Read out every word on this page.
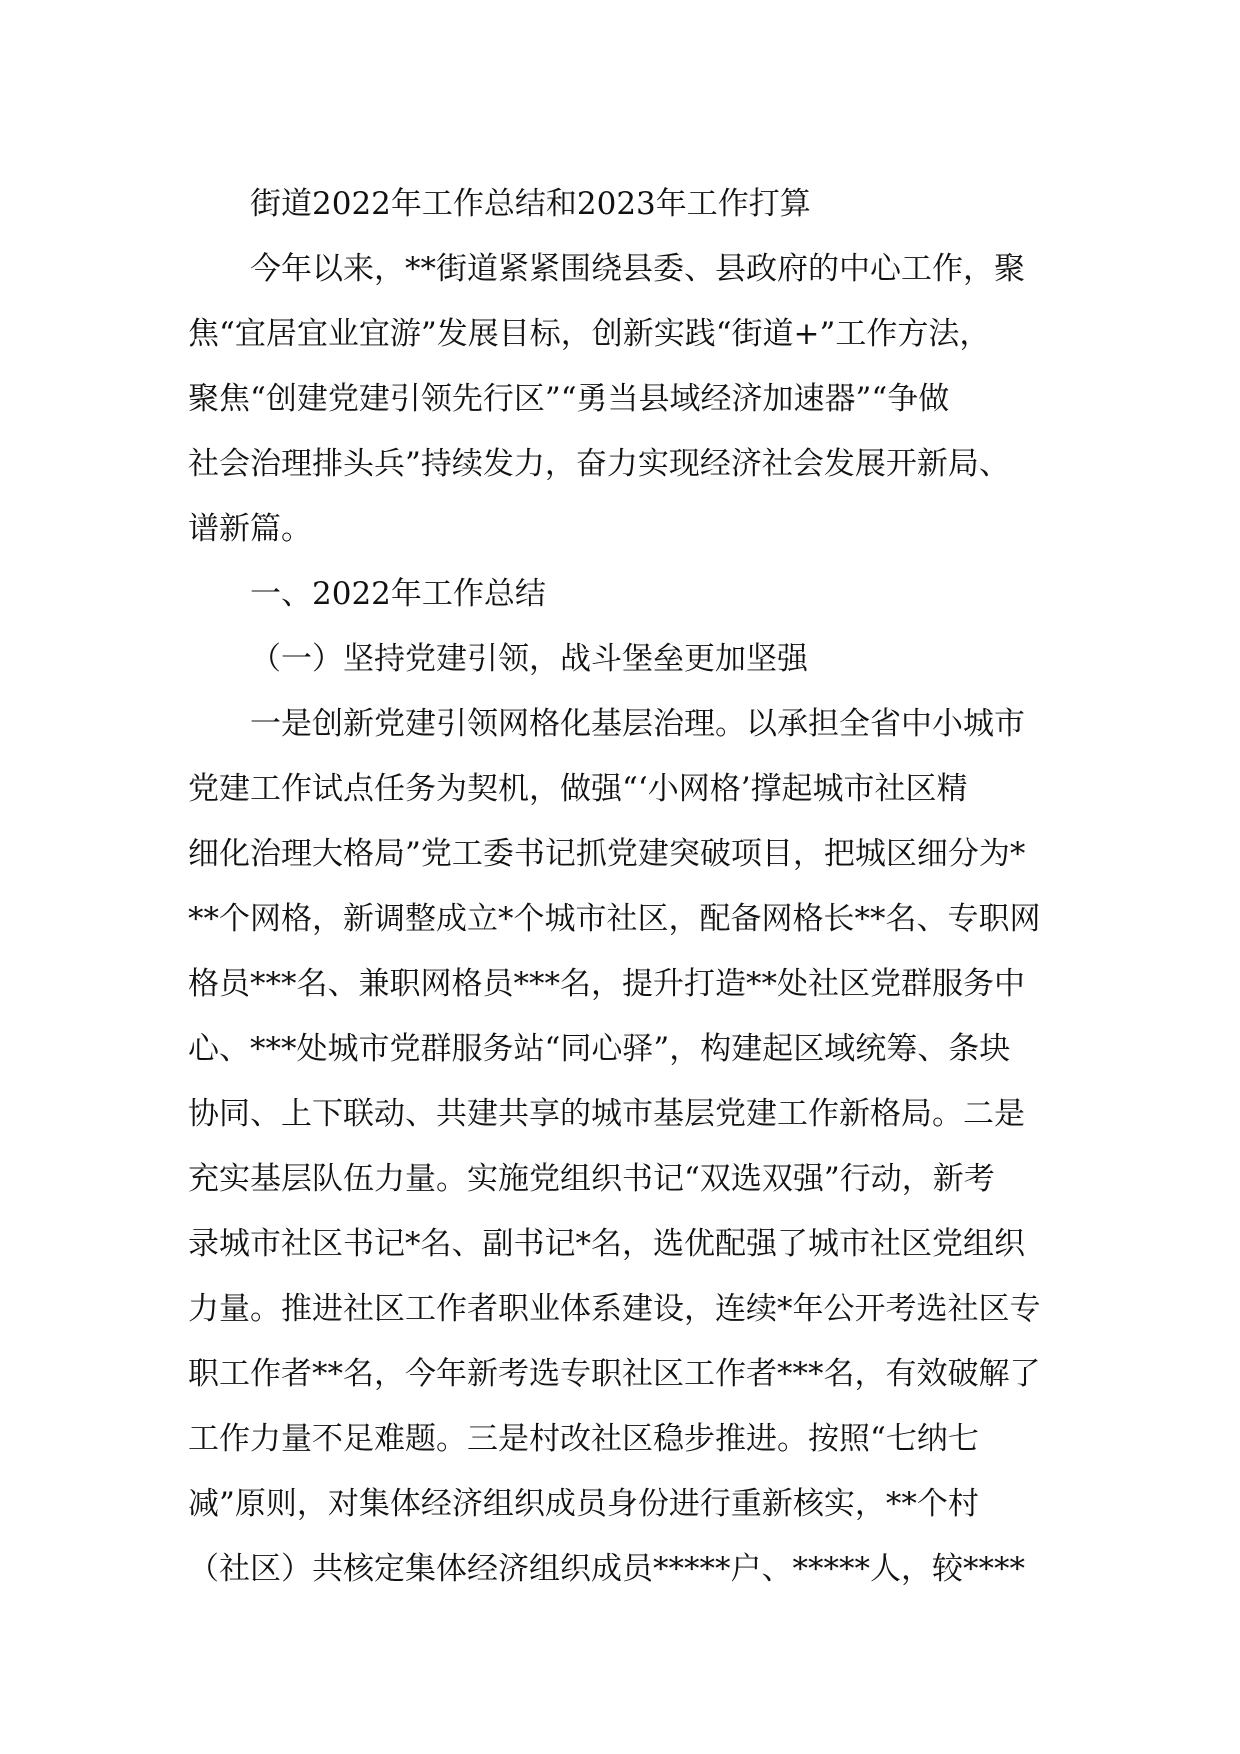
街道2022年工作总结和2023年工作打算
今年以来，**街道紧紧围绕县委、县政府的中心工作，聚
焦“宜居宜业宜游”发展目标，创新实践“街道+”工作方法，
聚焦“创建党建引领先行区”“勇当县域经济加速器”“争做
社会治理排头兵”持续发力，奋力实现经济社会发展开新局、
谱新篇。
一、2022年工作总结
（一）坚持党建引领，战斗堡垒更加坚强
一是创新党建引领网格化基层治理。以承担全省中小城市
党建工作试点任务为契机，做强“‘小网格’撑起城市社区精
细化治理大格局”党工委书记抓党建突破项目，把城区细分为*
**个网格，新调整成立*个城市社区，配备网格长**名、专职网
格员***名、兼职网格员***名，提升打造**处社区党群服务中
心、***处城市党群服务站“同心驿”，构建起区域统筹、条块
协同、上下联动、共建共享的城市基层党建工作新格局。二是
充实基层队伍力量。实施党组织书记“双选双强”行动，新考
录城市社区书记*名、副书记*名，选优配强了城市社区党组织
力量。推进社区工作者职业体系建设，连续*年公开考选社区专
职工作者**名，今年新考选专职社区工作者***名，有效破解了
工作力量不足难题。三是村改社区稳步推进。按照“七纳七
减”原则，对集体经济组织成员身份进行重新核实，**个村
（社区）共核定集体经济组织成员*****户、*****人，较****
